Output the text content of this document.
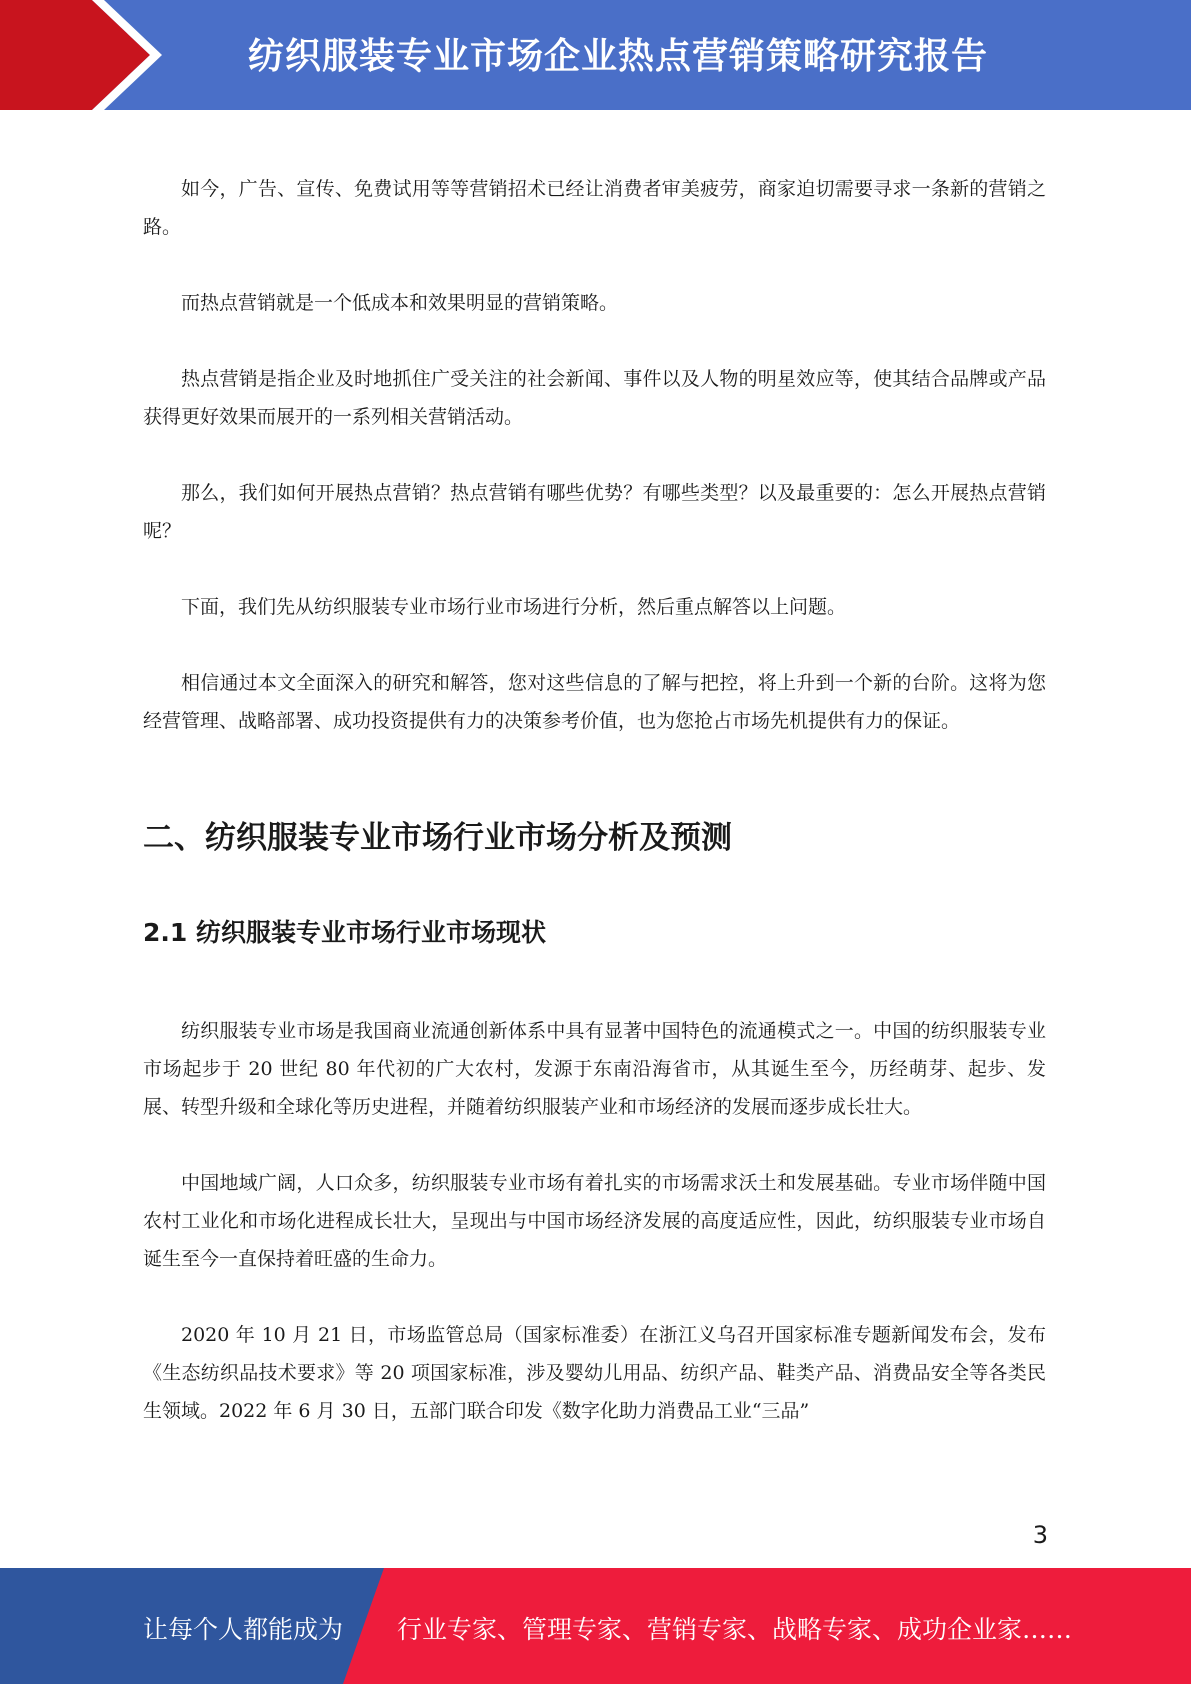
纺织服装专业市场企业热点营销策略研究报告

如今，广告、宣传、免费试用等等营销招术已经让消费者审美疲劳，商家迫切需要寻求一条新的营销之路。

而热点营销就是一个低成本和效果明显的营销策略。

热点营销是指企业及时地抓住广受关注的社会新闻、事件以及人物的明星效应等，使其结合品牌或产品获得更好效果而展开的一系列相关营销活动。

那么，我们如何开展热点营销？热点营销有哪些优势？有哪些类型？以及最重要的：怎么开展热点营销呢？

下面，我们先从纺织服装专业市场行业市场进行分析，然后重点解答以上问题。

相信通过本文全面深入的研究和解答，您对这些信息的了解与把控，将上升到一个新的台阶。这将为您经营管理、战略部署、成功投资提供有力的决策参考价值，也为您抢占市场先机提供有力的保证。

二、纺织服装专业市场行业市场分析及预测
2.1 纺织服装专业市场行业市场现状

纺织服装专业市场是我国商业流通创新体系中具有显著中国特色的流通模式之一。中国的纺织服装专业市场起步于 20 世纪 80 年代初的广大农村，发源于东南沿海省市，从其诞生至今，历经萌芽、起步、发展、转型升级和全球化等历史进程，并随着纺织服装产业和市场经济的发展而逐步成长壮大。

中国地域广阔，人口众多，纺织服装专业市场有着扎实的市场需求沃土和发展基础。专业市场伴随中国农村工业化和市场化进程成长壮大，呈现出与中国市场经济发展的高度适应性，因此，纺织服装专业市场自诞生至今一直保持着旺盛的生命力。

2020 年 10 月 21 日，市场监管总局（国家标准委）在浙江义乌召开国家标准专题新闻发布会，发布《生态纺织品技术要求》等 20 项国家标准，涉及婴幼儿用品、纺织产品、鞋类产品、消费品安全等各类民生领域。2022 年 6 月 30 日，五部门联合印发《数字化助力消费品工业“三品”

3
让每个人都能成为 行业专家、管理专家、营销专家、战略专家、成功企业家……
